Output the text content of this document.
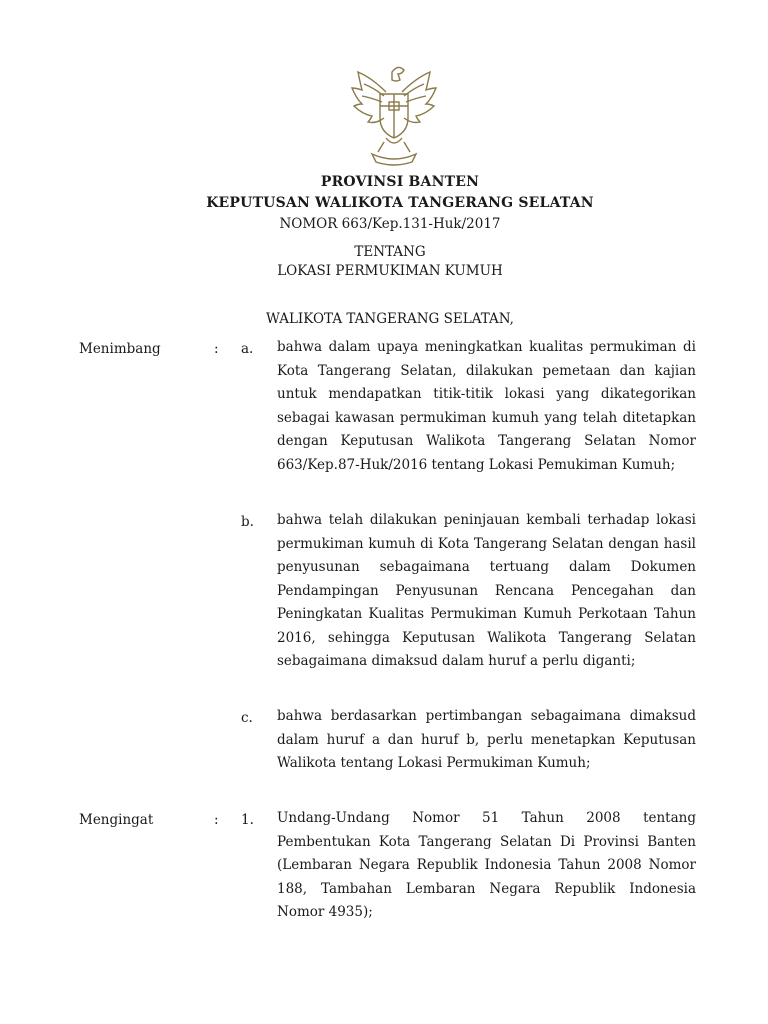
PROVINSI BANTEN
KEPUTUSAN WALIKOTA TANGERANG SELATAN
NOMOR 663/Kep.131-Huk/2017
TENTANG
LOKASI PERMUKIMAN KUMUH
WALIKOTA TANGERANG SELATAN,
Menimbang	: a. bahwa dalam upaya meningkatkan kualitas permukiman di Kota Tangerang Selatan, dilakukan pemetaan dan kajian untuk mendapatkan titik-titik lokasi yang dikategorikan sebagai kawasan permukiman kumuh yang telah ditetapkan dengan Keputusan Walikota Tangerang Selatan Nomor 663/Kep.87-Huk/2016 tentang Lokasi Pemukiman Kumuh;

b. bahwa telah dilakukan peninjauan kembali terhadap lokasi permukiman kumuh di Kota Tangerang Selatan dengan hasil penyusunan sebagaimana tertuang dalam Dokumen Pendampingan Penyusunan Rencana Pencegahan dan Peningkatan Kualitas Permukiman Kumuh Perkotaan Tahun 2016, sehingga Keputusan Walikota Tangerang Selatan sebagaimana dimaksud dalam huruf a perlu diganti;

c. bahwa berdasarkan pertimbangan sebagaimana dimaksud dalam huruf a dan huruf b, perlu menetapkan Keputusan Walikota tentang Lokasi Permukiman Kumuh;

Mengingat	: 1. Undang-Undang Nomor 51 Tahun 2008 tentang Pembentukan Kota Tangerang Selatan Di Provinsi Banten (Lembaran Negara Republik Indonesia Tahun 2008 Nomor 188, Tambahan Lembaran Negara Republik Indonesia Nomor 4935);
